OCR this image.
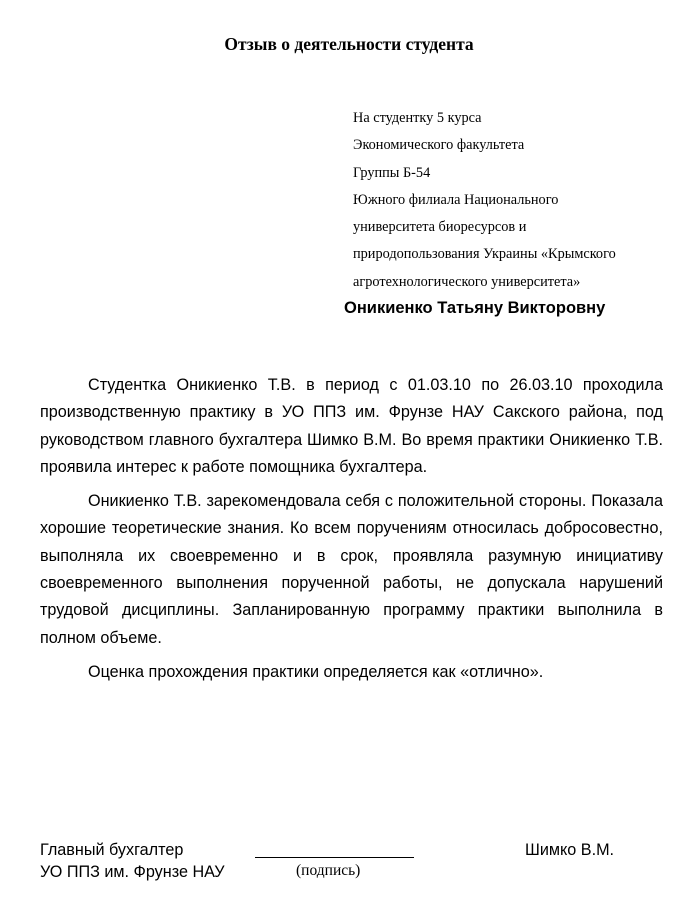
Отзыв о деятельности студента
На студентку 5 курса
Экономического факультета
Группы Б-54
Южного филиала Национального
университета биоресурсов и
природопользования Украины «Крымского
агротехнологического университета»
Оникиенко Татьяну Викторовну

Студентка Оникиенко Т.В. в период с 01.03.10 по 26.03.10 проходила производственную практику в УО ППЗ им. Фрунзе НАУ Сакского района, под руководством главного бухгалтера Шимко В.М. Во время практики Оникиенко Т.В. проявила интерес к работе помощника бухгалтера.

Оникиенко Т.В. зарекомендовала себя с положительной стороны. Показала хорошие теоретические знания. Ко всем поручениям относилась добросовестно, выполняла их своевременно и в срок, проявляла разумную инициативу своевременного выполнения порученной работы, не допускала нарушений трудовой дисциплины. Запланированную программу практики выполнила в полном объеме.

Оценка прохождения практики определяется как «отлично».

Главный бухгалтер
УО ППЗ им. Фрунзе НАУ	(подпись)
Шимко В.М.
